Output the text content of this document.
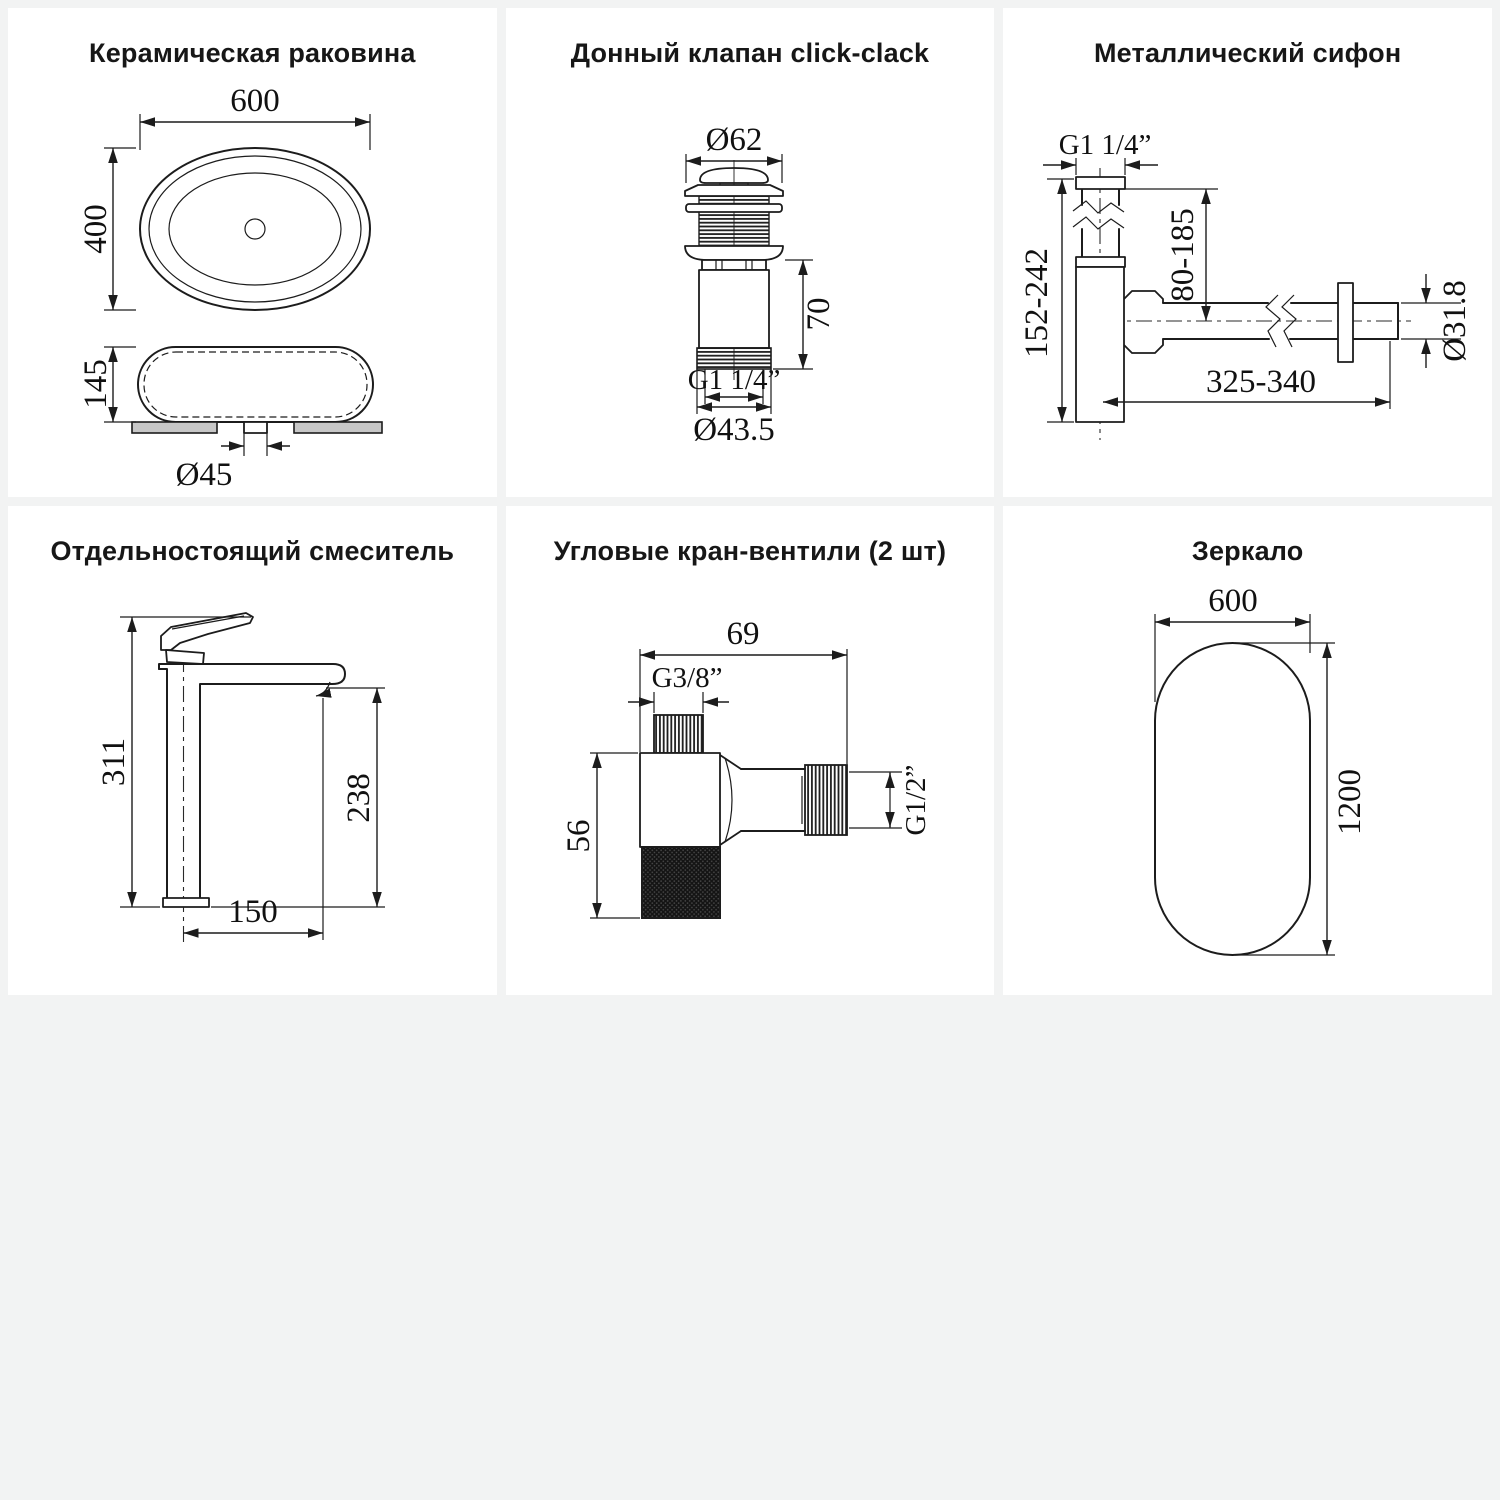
Керамическая раковина
600
400
Ø45
145
Донный клапан click-clack
Ø62
70
G1 1/4”
Ø43.5
Металлический сифон
G1 1/4”
152-242	80-185
Ø31.8
325-340
Отдельностоящий смеситель
311
238
150
Угловые кран-вентили (2 шт)
69
G3/8”
56
G1/2”
Зеркало
600
1200
